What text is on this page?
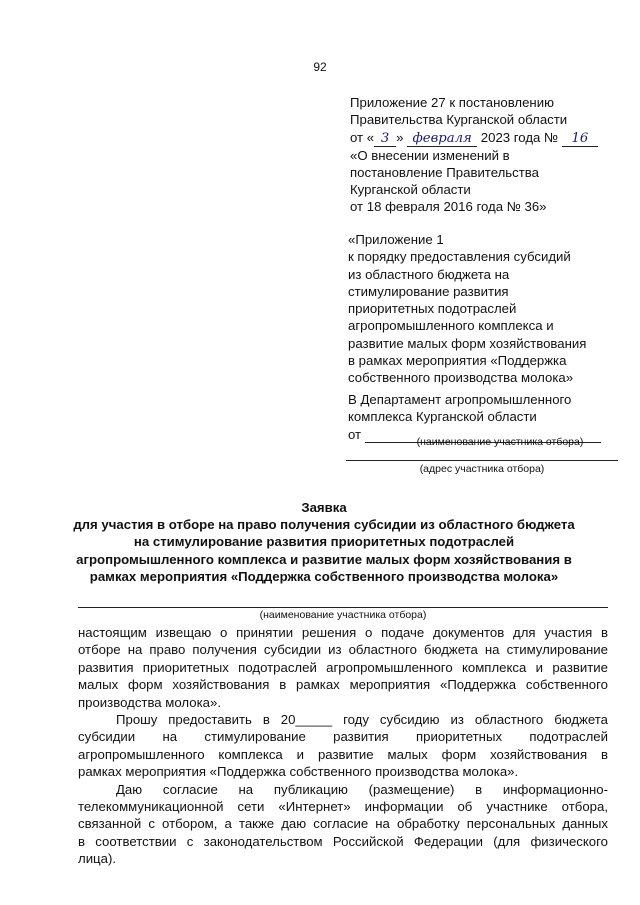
92
Приложение 27 к постановлению
Правительства Курганской области
от « 3 » февраля 2023 года № 16
«О внесении изменений в
постановление Правительства
Курганской области
от 18 февраля 2016 года № 36»
«Приложение 1
к порядку предоставления субсидий
из областного бюджета на
стимулирование развития
приоритетных подотраслей
агропромышленного комплекса и
развитие малых форм хозяйствования
в рамках мероприятия «Поддержка
собственного производства молока»
В Департамент агропромышленного
комплекса Курганской области
от
(наименование участника отбора)
(адрес участника отбора)
Заявка
для участия в отборе на право получения субсидии из областного бюджета
на стимулирование развития приоритетных подотраслей
агропромышленного комплекса и развитие малых форм хозяйствования в
рамках мероприятия «Поддержка собственного производства молока»
(наименование участника отбора)
настоящим извещаю о принятии решения о подаче документов для участия в
отборе на право получения субсидии из областного бюджета на стимулирование
развития приоритетных подотраслей агропромышленного комплекса и развитие
малых форм хозяйствования в рамках мероприятия «Поддержка собственного
производства молока».
Прошу предоставить в 20_____ году субсидию из областного бюджета
субсидии на стимулирование развития приоритетных подотраслей
агропромышленного комплекса и развитие малых форм хозяйствования в
рамках мероприятия «Поддержка собственного производства молока».
Даю согласие на публикацию (размещение) в информационно-
телекоммуникационной сети «Интернет» информации об участнике отбора,
связанной с отбором, а также даю согласие на обработку персональных данных
в соответствии с законодательством Российской Федерации (для физического
лица).
